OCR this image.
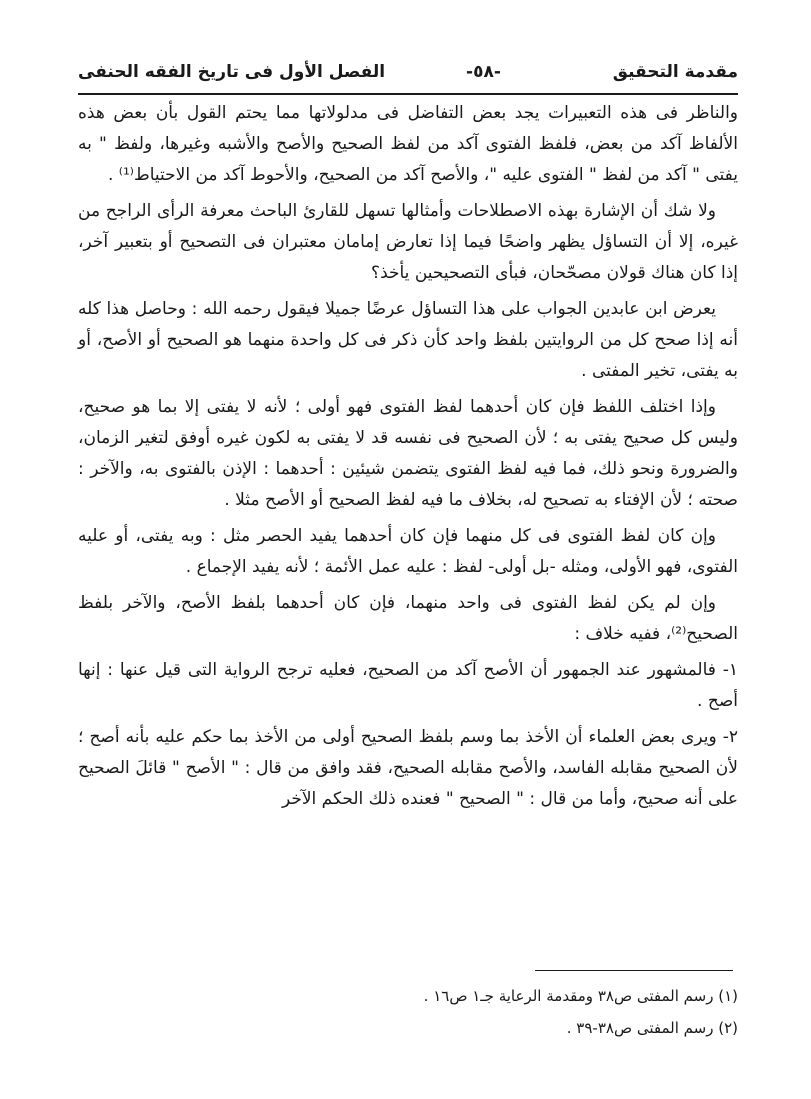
مقدمة التحقيق
-٥٨-
الفصل الأول فى تاريخ الفقه الحنفى

والناظر فى هذه التعبيرات يجد بعض التفاضل فى مدلولاتها مما يحتم القول بأن بعض هذه الألفاظ آكد من بعض، فلفظ الفتوى آكد من لفظ الصحيح والأصح والأشبه وغيرها، ولفظ " به يفتى " آكد من لفظ " الفتوى عليه "، والأصح آكد من الصحيح، والأحوط آكد من الاحتياط⁽¹⁾ .

ولا شك أن الإشارة بهذه الاصطلاحات وأمثالها تسهل للقارئ الباحث معرفة الرأى الراجح من غيره، إلا أن التساؤل يظهر واضحًا فيما إذا تعارض إمامان معتبران فى التصحيح أو بتعبير آخر، إذا كان هناك قولان مصحّحان، فبأى التصحيحين يأخذ؟

يعرض ابن عابدين الجواب على هذا التساؤل عرضًا جميلا فيقول رحمه الله : وحاصل هذا كله أنه إذا صحح كل من الروايتين بلفظ واحد كأن ذكر فى كل واحدة منهما هو الصحيح أو الأصح، أو به يفتى، تخير المفتى .

وإذا اختلف اللفظ فإن كان أحدهما لفظ الفتوى فهو أولى ؛ لأنه لا يفتى إلا بما هو صحيح، وليس كل صحيح يفتى به ؛ لأن الصحيح فى نفسه قد لا يفتى به لكون غيره أوفق لتغير الزمان، والضرورة ونحو ذلك، فما فيه لفظ الفتوى يتضمن شيئين : أحدهما : الإذن بالفتوى به، والآخر : صحته ؛ لأن الإفتاء به تصحيح له، بخلاف ما فيه لفظ الصحيح أو الأصح مثلا .

وإن كان لفظ الفتوى فى كل منهما فإن كان أحدهما يفيد الحصر مثل : وبه يفتى، أو عليه الفتوى، فهو الأولى، ومثله -بل أولى- لفظ : عليه عمل الأئمة ؛ لأنه يفيد الإجماع .

وإن لم يكن لفظ الفتوى فى واحد منهما، فإن كان أحدهما بلفظ الأصح، والآخر بلفظ الصحيح⁽²⁾، ففيه خلاف :

١- فالمشهور عند الجمهور أن الأصح آكد من الصحيح، فعليه ترجح الرواية التى قيل عنها : إنها أصح .

٢- ويرى بعض العلماء أن الأخذ بما وسم بلفظ الصحيح أولى من الأخذ بما حكم عليه بأنه أصح ؛ لأن الصحيح مقابله الفاسد، والأصح مقابله الصحيح، فقد وافق من قال : " الأصح " قائلَ الصحيح على أنه صحيح، وأما من قال : " الصحيح " فعنده ذلك الحكم الآخر

(١) رسم المفتى ص٣٨ ومقدمة الرعاية جـ١ ص١٦ .
(٢) رسم المفتى ص٣٨-٣٩ .
